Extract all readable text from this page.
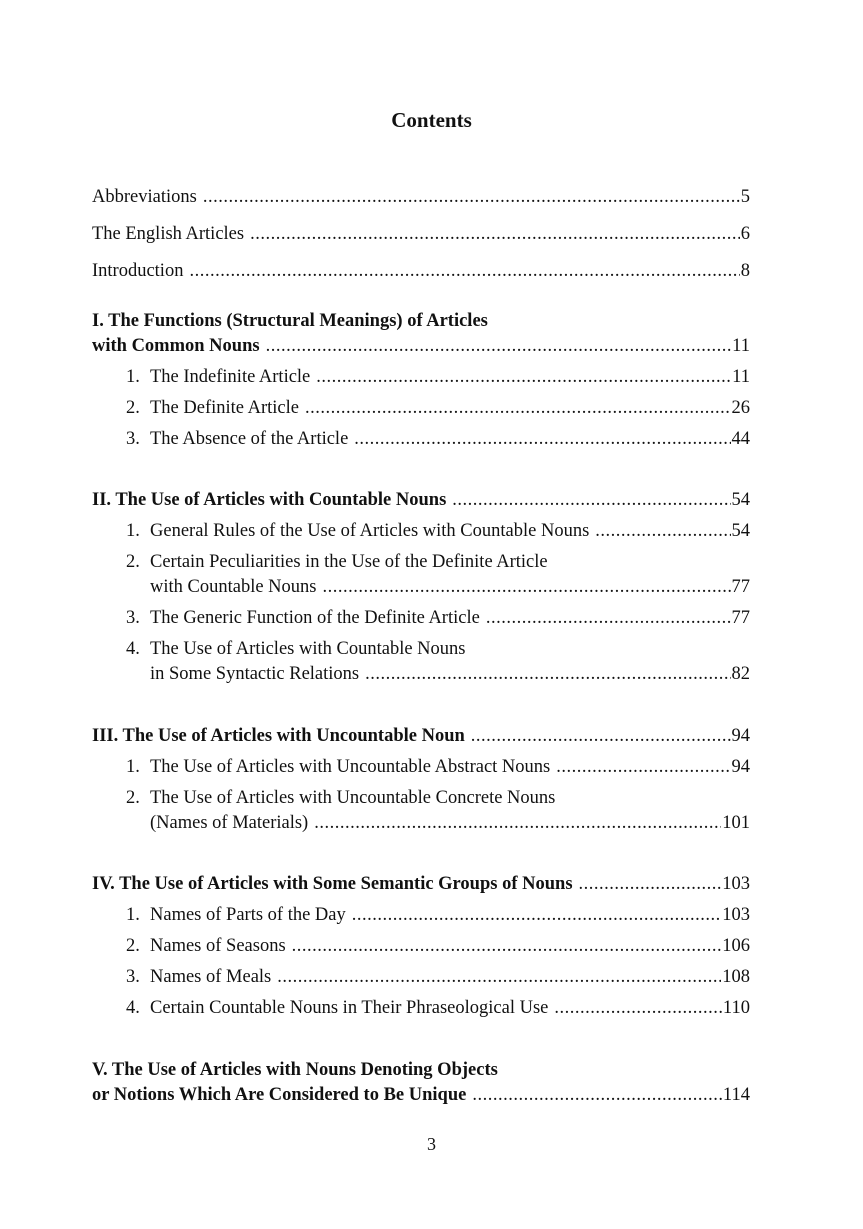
Contents
Abbreviations .....	5
The English Articles .....	6
Introduction .....	8
I. The Functions (Structural Meanings) of Articles
with Common Nouns .....	11
1. The Indefinite Article .....	11
2. The Definite Article .....	26
3. The Absence of the Article .....	44
II. The Use of Articles with Countable Nouns .....	54
1. General Rules of the Use of Articles with Countable Nouns .....	54
2. Certain Peculiarities in the Use of the Definite Article
with Countable Nouns .....	77
3. The Generic Function of the Definite Article .....	77
4. The Use of Articles with Countable Nouns
in Some Syntactic Relations .....	82
III. The Use of Articles with Uncountable Noun .....	94
1. The Use of Articles with Uncountable Abstract Nouns .....	94
2. The Use of Articles with Uncountable Concrete Nouns
(Names of Materials) .....	101
IV. The Use of Articles with Some Semantic Groups of Nouns .....	103
1. Names of Parts of the Day .....	103
2. Names of Seasons .....	106
3. Names of Meals .....	108
4. Certain Countable Nouns in Their Phraseological Use .....	110
V. The Use of Articles with Nouns Denoting Objects
or Notions Which Are Considered to Be Unique .....	114
3
